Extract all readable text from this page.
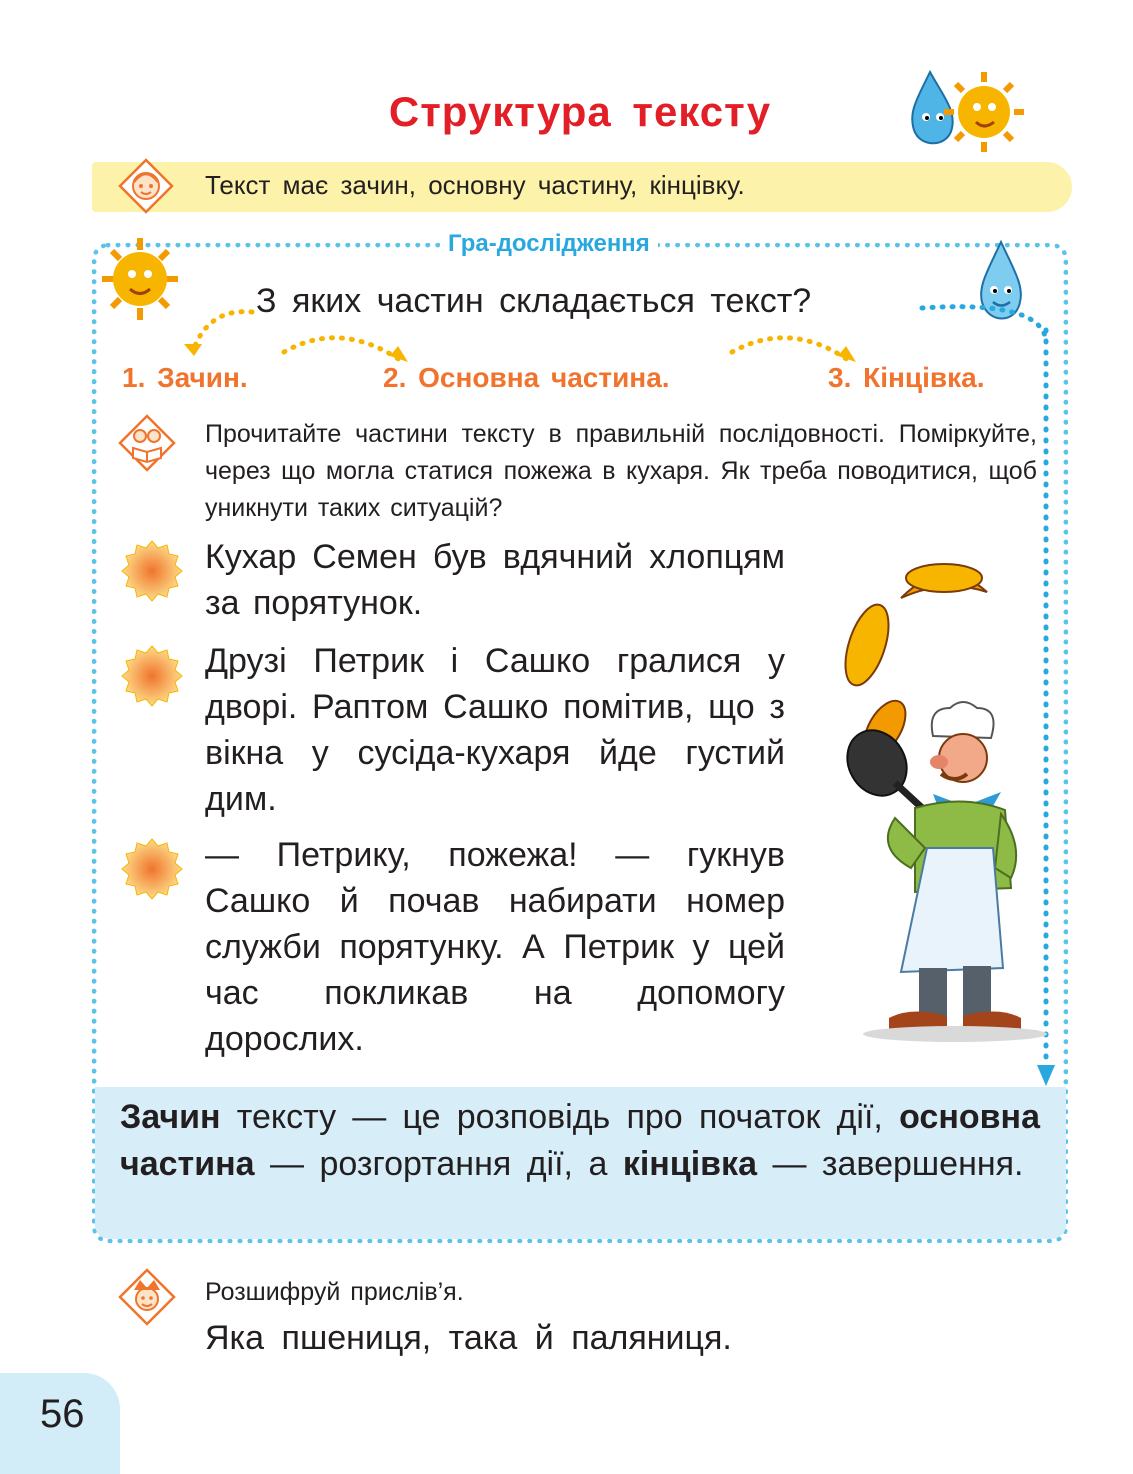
Структура тексту
Текст має зачин, основну частину, кінцівку.
Гра-дослідження
З яких частин складається текст?
1. Зачин.	2. Основна частина.	3. Кінцівка.
Прочитайте частини тексту в правильній послідовності. Поміркуйте, через що могла статися пожежа в кухаря. Як треба поводитися, щоб уникнути таких ситуацій?
Кухар Семен був вдячний хлопцям за порятунок.
Друзі Петрик і Сашко гралися у дворі. Раптом Сашко помітив, що з вікна у сусіда-кухаря йде густий дим.
— Петрику, пожежа! — гукнув Сашко й почав набирати номер служби порятунку. А Петрик у цей час покликав на допомогу дорослих.
Зачин тексту — це розповідь про початок дії, основна частина — розгортання дії, а кінцівка — завершення.
Розшифруй прислів’я.
Яка пшениця, така й паляниця.
56
